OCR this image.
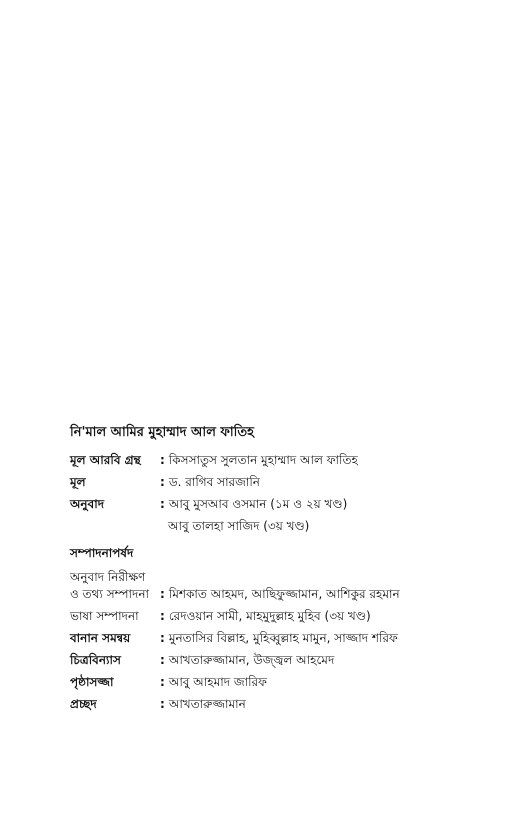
নি'মাল আমির মুহাম্মাদ আল ফাতিহ
মূল আরবি গ্রন্থ : কিসসাতুস সুলতান মুহাম্মাদ আল ফাতিহ
মূল	: ড. রাগিব সারজানি
অনুবাদ	: আবু মুসআব ওসমান (১ম ও ২য় খণ্ড)
আবু তালহা সাজিদ (৩য় খণ্ড)
সম্পাদনাপর্ষদ
অনুবাদ নিরীক্ষণ
ও তথ্য সম্পাদনা : মিশকাত আহমদ, আছিফুজ্জামান, আশিকুর রহমান
ভাষা সম্পাদনা : রেদওয়ান সামী, মাহমুদুল্লাহ মুহিব (৩য় খণ্ড)
বানান সমন্বয় : মুনতাসির বিল্লাহ, মুহিব্বুল্লাহ মামুন, সাজ্জাদ শরিফ
চিত্রবিন্যাস	: আখতারুজ্জামান, উজ্জ্বল আহমেদ
পৃষ্ঠাসজ্জা	: আবু আহমাদ জারিফ
প্রচ্ছদ	: আখতারুজ্জামান
